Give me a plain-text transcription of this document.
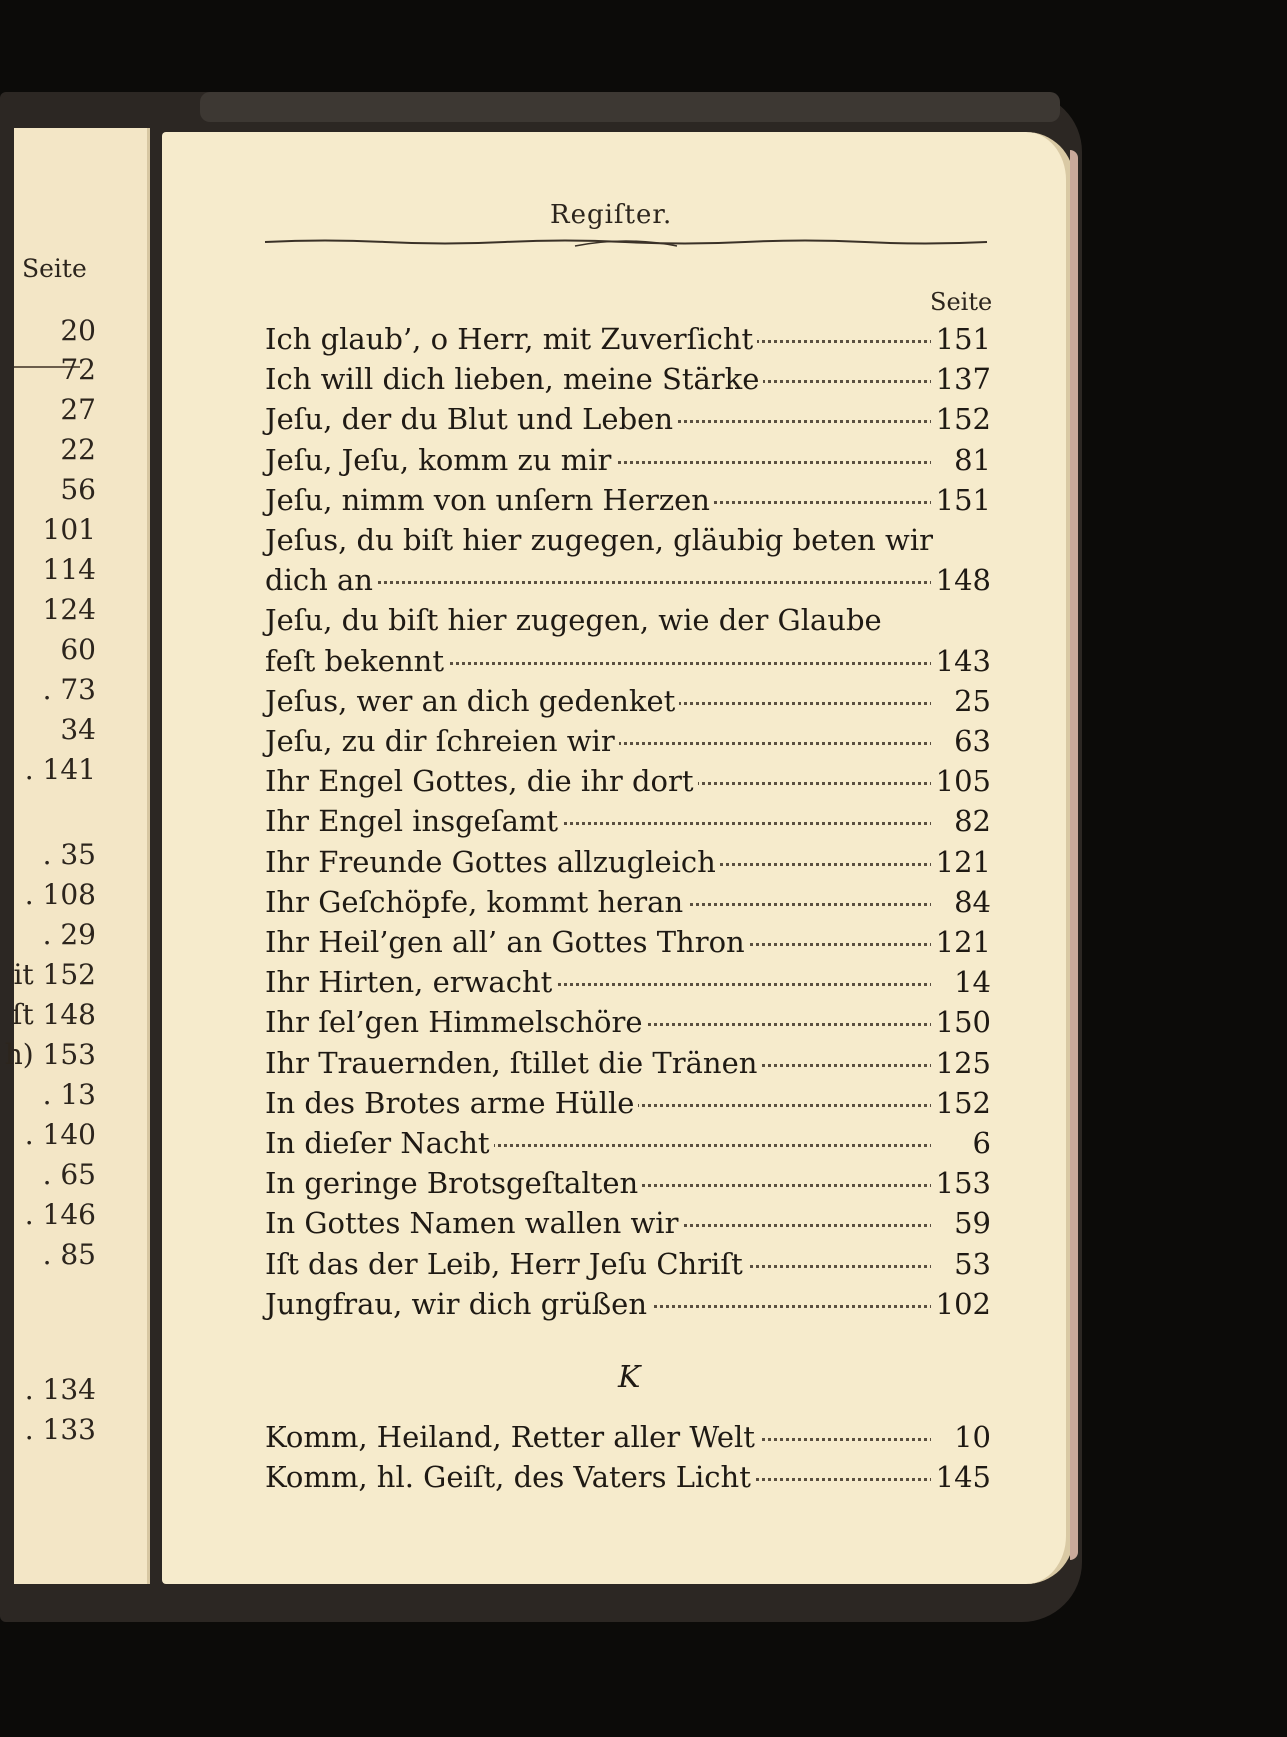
Seite
20
72
27
22
56
101
114
124
60
. 73
34
. 141
. 35
. 108
. 29
it 152
ſt 148
h) 153
. 13
. 140
. 65
. 146
. 85
. 134
. 133
Regiſter.
Seite
Ich glaub’, o Herr, mit Zuverſicht	151
Ich will dich lieben, meine Stärke	137
Jeſu, der du Blut und Leben	152
Jeſu, Jeſu, komm zu mir	81
Jeſu, nimm von unſern Herzen	151
Jeſus, du biſt hier zugegen, gläubig beten wir
dich an	148
Jeſu, du biſt hier zugegen, wie der Glaube
feſt bekennt	143
Jeſus, wer an dich gedenket	25
Jeſu, zu dir ſchreien wir	63
Ihr Engel Gottes, die ihr dort	105
Ihr Engel insgeſamt	82
Ihr Freunde Gottes allzugleich	121
Ihr Geſchöpfe, kommt heran	84
Ihr Heil’gen all’ an Gottes Thron	121
Ihr Hirten, erwacht	14
Ihr ſel’gen Himmelschöre	150
Ihr Trauernden, ſtillet die Tränen	125
In des Brotes arme Hülle	152
In dieſer Nacht	6
In geringe Brotsgeſtalten	153
In Gottes Namen wallen wir	59
Iſt das der Leib, Herr Jeſu Chriſt	53
Jungfrau, wir dich grüßen	102
K
Komm, Heiland, Retter aller Welt	10
Komm, hl. Geiſt, des Vaters Licht	145
